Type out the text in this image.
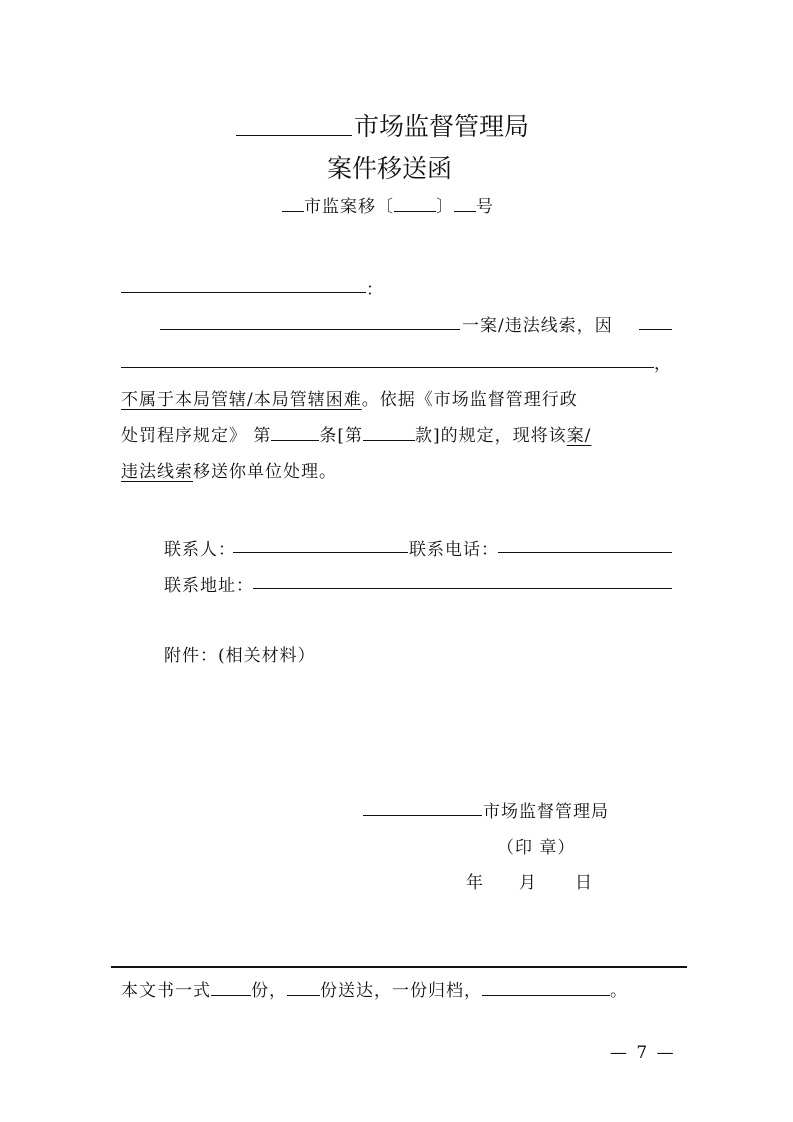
市场监督管理局
案件移送函
市监案移〔 〕 号
：
一案/违法线索，因
，
不属于本局管辖/本局管辖困难。依据《市场监督管理行政
处罚程序规定》 第	条[第	款]的规定，现将该案/
违法线索移送你单位处理。
联系人：	联系电话：
联系地址：
附件：(相关材料）
市场监督管理局
（印 章）
年 月 日
本文书一式 份， 份送达，一份归档，	。
— 7 —
